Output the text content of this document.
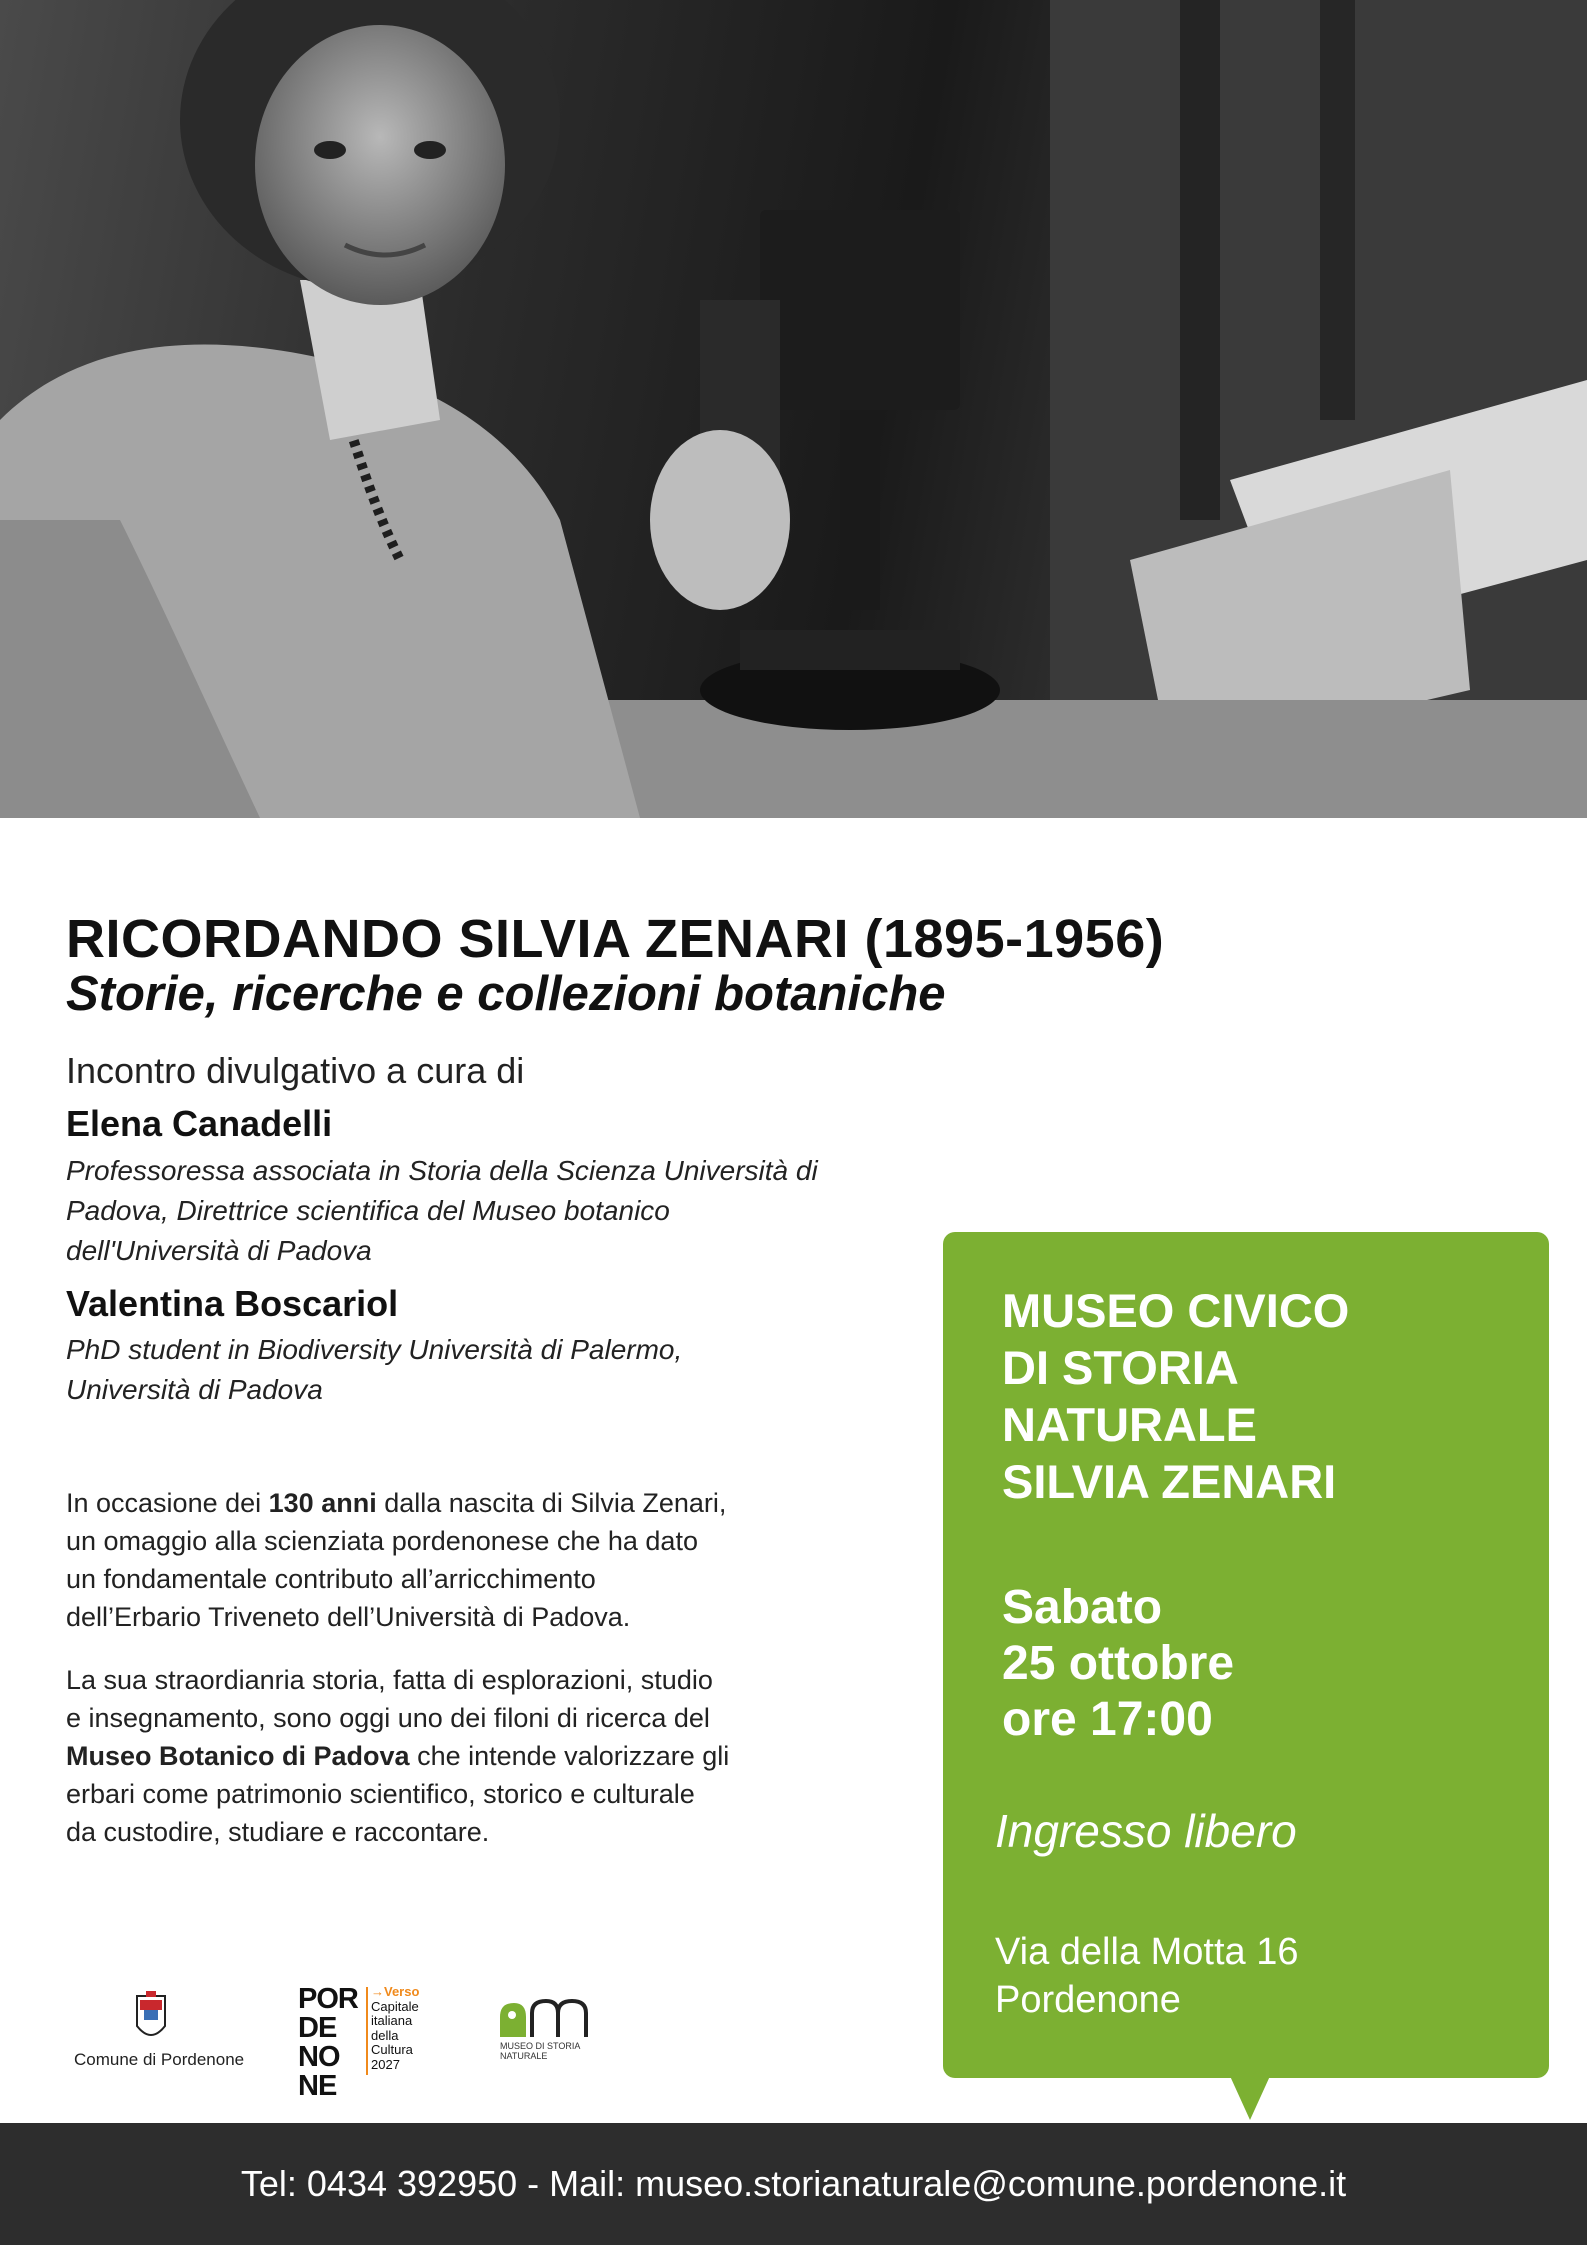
RICORDANDO SILVIA ZENARI (1895-1956)
Storie, ricerche e collezioni botaniche
Incontro divulgativo a cura di
Elena Canadelli

Professoressa associata in Storia della Scienza Università di
Padova, Direttrice scientifica del Museo botanico
dell'Università di Padova

Valentina Boscariol

PhD student in Biodiversity Università di Palermo,
Università di Padova

In occasione dei 130 anni dalla nascita di Silvia Zenari,
un omaggio alla scienziata pordenonese che ha dato
un fondamentale contributo all’arricchimento
dell’Erbario Triveneto dell’Università di Padova.

La sua straordianria storia, fatta di esplorazioni, studio
e insegnamento, sono oggi uno dei filoni di ricerca del
Museo Botanico di Padova che intende valorizzare gli
erbari come patrimonio scientifico, storico e culturale
da custodire, studiare e raccontare.

Comune di Pordenone
POR
DE
NO
NE
→Verso
Capitale
italiana
della
Cultura
2027
MUSEO DI STORIA
NATURALE
MUSEO CIVICO
DI STORIA
NATURALE
SILVIA ZENARI
Sabato
25 ottobre
ore 17:00
Ingresso libero
Via della Motta 16
Pordenone
Tel: 0434 392950 - Mail: museo.storianaturale@comune.pordenone.it
